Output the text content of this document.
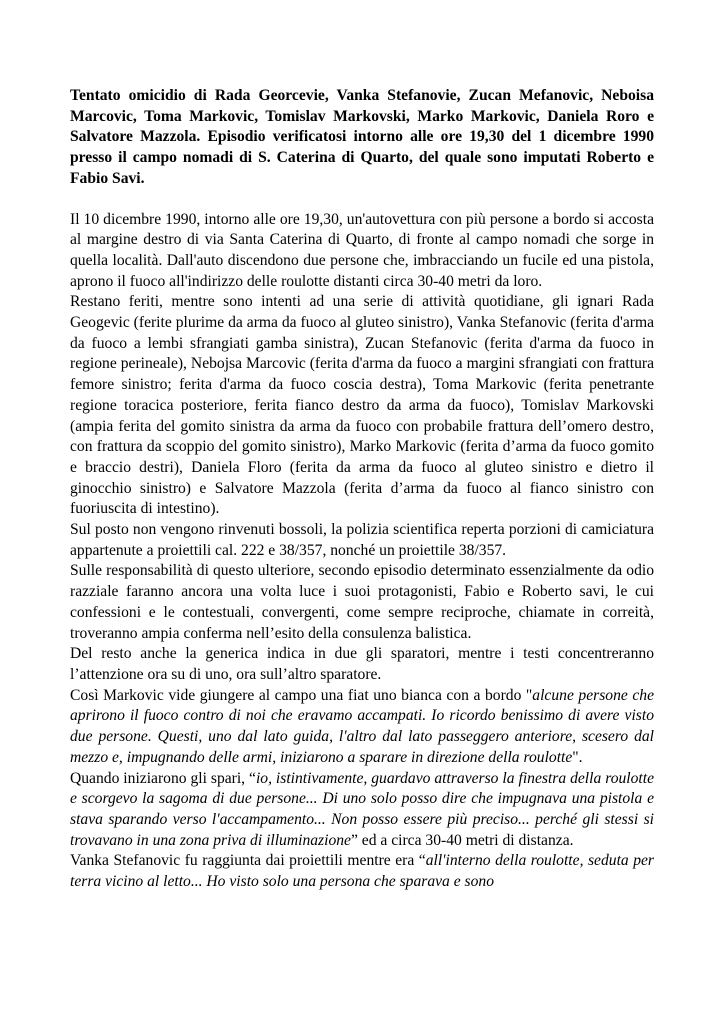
Tentato omicidio di Rada Georcevie, Vanka Stefanovie, Zucan Mefanovic, Neboisa Marcovic, Toma Markovic, Tomislav Markovski, Marko Markovic, Daniela Roro e Salvatore Mazzola. Episodio verificatosi intorno alle ore 19,30 del 1 dicembre 1990 presso il campo nomadi di S. Caterina di Quarto, del quale sono imputati Roberto e Fabio Savi.

Il 10 dicembre 1990, intorno alle ore 19,30, un'autovettura con più persone a bordo si accosta al margine destro di via Santa Caterina di Quarto, di fronte al campo nomadi che sorge in quella località. Dall'auto discendono due persone che, imbracciando un fucile ed una pistola, aprono il fuoco all'indirizzo delle roulotte distanti circa 30-40 metri da loro.

Restano feriti, mentre sono intenti ad una serie di attività quotidiane, gli ignari Rada Geogevic (ferite plurime da arma da fuoco al gluteo sinistro), Vanka Stefanovic (ferita d'arma da fuoco a lembi sfrangiati gamba sinistra), Zucan Stefanovic (ferita d'arma da fuoco in regione perineale), Nebojsa Marcovic (ferita d'arma da fuoco a margini sfrangiati con frattura femore sinistro; ferita d'arma da fuoco coscia destra), Toma Markovic (ferita penetrante regione toracica posteriore, ferita fianco destro da arma da fuoco), Tomislav Markovski (ampia ferita del gomito sinistra da arma da fuoco con probabile frattura dell’omero destro, con frattura da scoppio del gomito sinistro), Marko Markovic (ferita d’arma da fuoco gomito e braccio destri), Daniela Floro (ferita da arma da fuoco al gluteo sinistro e dietro il ginocchio sinistro) e Salvatore Mazzola (ferita d’arma da fuoco al fianco sinistro con fuoriuscita di intestino).

Sul posto non vengono rinvenuti bossoli, la polizia scientifica reperta porzioni di camiciatura appartenute a proiettili cal. 222 e 38/357, nonché un proiettile 38/357.

Sulle responsabilità di questo ulteriore, secondo episodio determinato essenzialmente da odio razziale faranno ancora una volta luce i suoi protagonisti, Fabio e Roberto savi, le cui confessioni e le contestuali, convergenti, come sempre reciproche, chiamate in correità, troveranno ampia conferma nell’esito della consulenza balistica.

Del resto anche la generica indica in due gli sparatori, mentre i testi concentreranno l’attenzione ora su di uno, ora sull’altro sparatore.

Così Markovic vide giungere al campo una fiat uno bianca con a bordo "alcune persone che aprirono il fuoco contro di noi che eravamo accampati. Io ricordo benissimo di avere visto due persone. Questi, uno dal lato guida, l'altro dal lato passeggero anteriore, scesero dal mezzo e, impugnando delle armi, iniziarono a sparare in direzione della roulotte".

Quando iniziarono gli spari, “io, istintivamente, guardavo attraverso la finestra della roulotte e scorgevo la sagoma di due persone... Di uno solo posso dire che impugnava una pistola e stava sparando verso l'accampamento... Non posso essere più preciso... perché gli stessi si trovavano in una zona priva di illuminazione” ed a circa 30-40 metri di distanza.

Vanka Stefanovic fu raggiunta dai proiettili mentre era “all'interno della roulotte, seduta per terra vicino al letto... Ho visto solo una persona che sparava e sono
